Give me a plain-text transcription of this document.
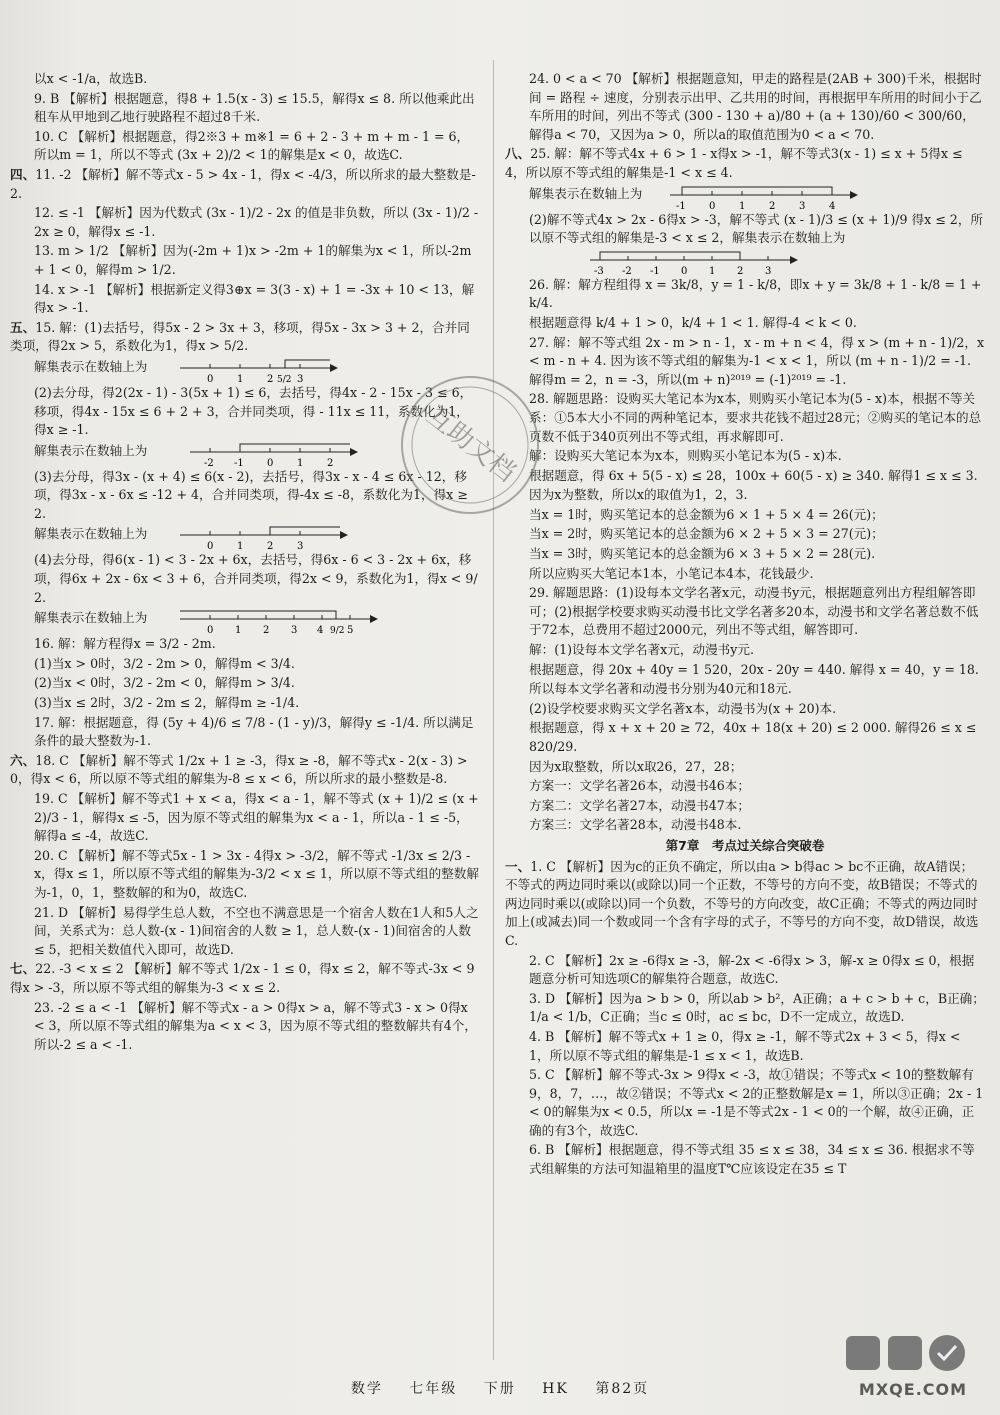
以x < -1/a，故选B.

9. B 【解析】根据题意，得8 + 1.5(x - 3) ≤ 15.5，解得x ≤ 8. 所以他乘此出租车从甲地到乙地行驶路程不超过8千米.

10. C 【解析】根据题意，得2※3 + m※1 = 6 + 2 - 3 + m + m - 1 = 6，所以m = 1，所以不等式 (3x + 2)/2 < 1的解集是x < 0，故选C.

四、11. -2 【解析】解不等式x - 5 > 4x - 1，得x < -4/3，所以所求的最大整数是-2.

12. ≤ -1 【解析】因为代数式 (3x - 1)/2 - 2x 的值是非负数，所以 (3x - 1)/2 - 2x ≥ 0，解得x ≤ -1.

13. m > 1/2 【解析】因为(-2m + 1)x > -2m + 1的解集为x < 1，所以-2m + 1 < 0，解得m > 1/2.

14. x > -1 【解析】根据新定义得3⊕x = 3(3 - x) + 1 = -3x + 10 < 13，解得x > -1.

五、15. 解：(1)去括号，得5x - 2 > 3x + 3，移项，得5x - 3x > 3 + 2，合并同类项，得2x > 5，系数化为1，得x > 5/2.

解集表示在数轴上为
0 1 2 5/2 3

(2)去分母，得2(2x - 1) - 3(5x + 1) ≤ 6，去括号，得4x - 2 - 15x - 3 ≤ 6，移项，得4x - 15x ≤ 6 + 2 + 3，合并同类项，得 - 11x ≤ 11，系数化为1，得x ≥ -1.

解集表示在数轴上为
-2 -1 0 1 2

(3)去分母，得3x - (x + 4) ≤ 6(x - 2)，去括号，得3x - x - 4 ≤ 6x - 12，移项，得3x - x - 6x ≤ -12 + 4，合并同类项，得-4x ≤ -8，系数化为1，得x ≥ 2.

解集表示在数轴上为
0 1 2 3

(4)去分母，得6(x - 1) < 3 - 2x + 6x，去括号，得6x - 6 < 3 - 2x + 6x，移项，得6x + 2x - 6x < 3 + 6，合并同类项，得2x < 9，系数化为1，得x < 9/2.

解集表示在数轴上为
0 1 2 3 4 9/2 5

16. 解：解方程得x = 3/2 - 2m.

(1)当x > 0时，3/2 - 2m > 0，解得m < 3/4.

(2)当x < 0时，3/2 - 2m < 0，解得m > 3/4.

(3)当x ≤ 2时，3/2 - 2m ≤ 2，解得m ≥ -1/4.

17. 解：根据题意，得 (5y + 4)/6 ≤ 7/8 - (1 - y)/3，解得y ≤ -1/4. 所以满足条件的最大整数为-1.

六、18. C 【解析】解不等式 1/2x + 1 ≥ -3，得x ≥ -8，解不等式x - 2(x - 3) > 0，得x < 6，所以原不等式组的解集为-8 ≤ x < 6，所以所求的最小整数是-8.

19. C 【解析】解不等式1 + x < a，得x < a - 1，解不等式 (x + 1)/2 ≤ (x + 2)/3 - 1，解得x ≤ -5，因为原不等式组的解集为x < a - 1，所以a - 1 ≤ -5，解得a ≤ -4，故选C.

20. C 【解析】解不等式5x - 1 > 3x - 4得x > -3/2，解不等式 -1/3x ≤ 2/3 - x，得x ≤ 1，所以原不等式组的解集为-3/2 < x ≤ 1，所以原不等式组的整数解为-1，0，1，整数解的和为0，故选C.

21. D 【解析】易得学生总人数，不空也不满意思是一个宿舍人数在1人和5人之间，关系式为：总人数-(x - 1)间宿舍的人数 ≥ 1，总人数-(x - 1)间宿舍的人数 ≤ 5，把相关数值代入即可，故选D.

七、22. -3 < x ≤ 2 【解析】解不等式 1/2x - 1 ≤ 0，得x ≤ 2，解不等式-3x < 9得x > -3，所以原不等式组的解集为-3 < x ≤ 2.

23. -2 ≤ a < -1 【解析】解不等式x - a > 0得x > a，解不等式3 - x > 0得x < 3，所以原不等式组的解集为a < x < 3，因为原不等式组的整数解共有4个，所以-2 ≤ a < -1.

24. 0 < a < 70 【解析】根据题意知，甲走的路程是(2AB + 300)千米，根据时间 = 路程 ÷ 速度，分别表示出甲、乙共用的时间，再根据甲车所用的时间小于乙车所用的时间，列出不等式 (300 - 130 + a)/80 + (a + 130)/60 < 300/60，解得a < 70，又因为a > 0，所以a的取值范围为0 < a < 70.

八、25. 解：解不等式4x + 6 > 1 - x得x > -1，解不等式3(x - 1) ≤ x + 5得x ≤ 4，所以原不等式组的解集是-1 < x ≤ 4.

解集表示在数轴上为
-1 0 1 2 3 4

(2)解不等式4x > 2x - 6得x > -3，解不等式 (x - 1)/3 ≤ (x + 1)/9 得x ≤ 2，所以原不等式组的解集是-3 < x ≤ 2，解集表示在数轴上为

-3 -2 -1 0 1 2 3

26. 解：解方程组得 x = 3k/8，y = 1 - k/8，即x + y = 3k/8 + 1 - k/8 = 1 + k/4.

根据题意得 k/4 + 1 > 0，k/4 + 1 < 1. 解得-4 < k < 0.

27. 解：解不等式组 2x - m > n - 1，x - m + n < 4，得 x > (m + n - 1)/2，x < m - n + 4. 因为该不等式组的解集为-1 < x < 1，所以 (m + n - 1)/2 = -1. 解得m = 2，n = -3，所以(m + n)²⁰¹⁹ = (-1)²⁰¹⁹ = -1.

28. 解题思路：设购买大笔记本为x本，则购买小笔记本为(5 - x)本，根据不等关系：①5本大小不同的两种笔记本，要求共花钱不超过28元；②购买的笔记本的总页数不低于340页列出不等式组，再求解即可.

解：设购买大笔记本为x本，则购买小笔记本为(5 - x)本.

根据题意，得 6x + 5(5 - x) ≤ 28，100x + 60(5 - x) ≥ 340. 解得1 ≤ x ≤ 3.

因为x为整数，所以x的取值为1，2，3.

当x = 1时，购买笔记本的总金额为6 × 1 + 5 × 4 = 26(元)；

当x = 2时，购买笔记本的总金额为6 × 2 + 5 × 3 = 27(元)；

当x = 3时，购买笔记本的总金额为6 × 3 + 5 × 2 = 28(元).

所以应购买大笔记本1本，小笔记本4本，花钱最少.

29. 解题思路：(1)设每本文学名著x元，动漫书y元，根据题意列出方程组解答即可；(2)根据学校要求购买动漫书比文学名著多20本，动漫书和文学名著总数不低于72本，总费用不超过2000元，列出不等式组，解答即可.

解：(1)设每本文学名著x元，动漫书y元.

根据题意，得 20x + 40y = 1 520，20x - 20y = 440. 解得 x = 40，y = 18.

所以每本文学名著和动漫书分别为40元和18元.

(2)设学校要求购买文学名著x本，动漫书为(x + 20)本.

根据题意，得 x + x + 20 ≥ 72，40x + 18(x + 20) ≤ 2 000. 解得26 ≤ x ≤ 820/29.

因为x取整数，所以x取26，27，28；

方案一：文学名著26本，动漫书46本；

方案二：文学名著27本，动漫书47本；

方案三：文学名著28本，动漫书48本.

第7章　考点过关综合突破卷

一、1. C 【解析】因为c的正负不确定，所以由a > b得ac > bc不正确，故A错误；不等式的两边同时乘以(或除以)同一个正数，不等号的方向不变，故B错误；不等式的两边同时乘以(或除以)同一个负数，不等号的方向改变，故C正确；不等式的两边同时加上(或减去)同一个数或同一个含有字母的式子，不等号的方向不变，故D错误，故选C.

2. C 【解析】2x ≥ -6得x ≥ -3，解-2x < -6得x > 3，解-x ≥ 0得x ≤ 0，根据题意分析可知选项C的解集符合题意，故选C.

3. D 【解析】因为a > b > 0，所以ab > b²，A正确；a + c > b + c，B正确；1/a < 1/b，C正确；当c ≤ 0时，ac ≤ bc，D不一定成立，故选D.

4. B 【解析】解不等式x + 1 ≥ 0，得x ≥ -1，解不等式2x + 3 < 5，得x < 1，所以原不等式组的解集是-1 ≤ x < 1，故选B.

5. C 【解析】解不等式-3x > 9得x < -3，故①错误；不等式x < 10的整数解有9，8，7，…，故②错误；不等式x < 2的正整数解是x = 1，所以③正确；2x - 1 < 0的解集为x < 0.5，所以x = -1是不等式2x - 1 < 0的一个解，故④正确，正确的有3个，故选C.

6. B 【解析】根据题意，得不等式组 35 ≤ x ≤ 38，34 ≤ x ≤ 36. 根据求不等式组解集的方法可知温箱里的温度T℃应该设定在35 ≤ T

互助文档
数学 七年级 下册 HK 第82页	MXQE.COM
